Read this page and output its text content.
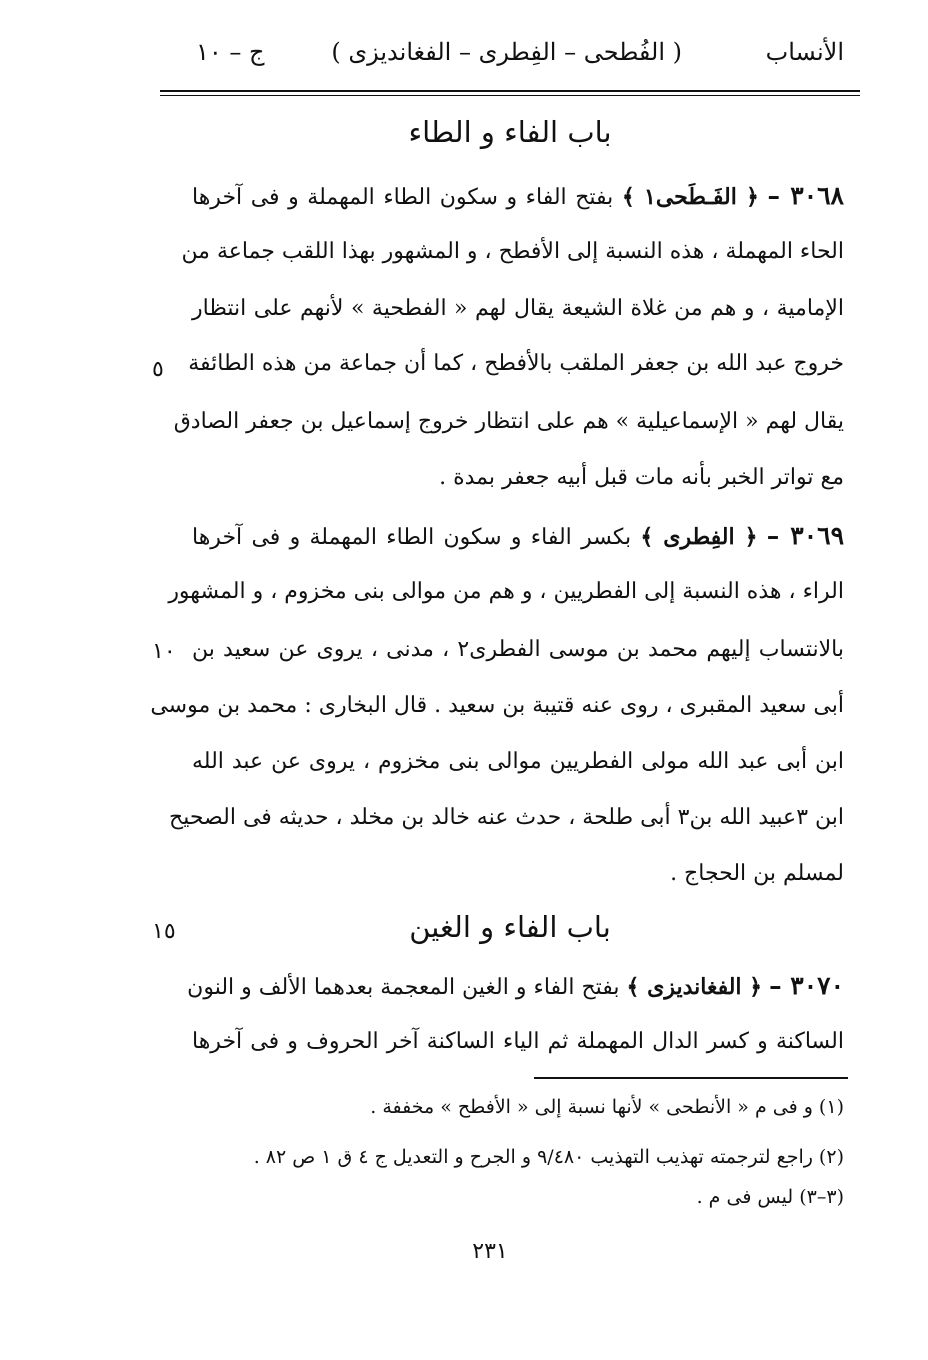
الأنساب
( الفُطحى – الفِطرى – الفغانديزى )
ج – ١٠
باب الفاء و الطاء
٣٠٦٨ – ﴿ الفَـطَحى١ ﴾ بفتح الفاء و سكون الطاء المهملة و فى آخرها
الحاء المهملة ، هذه النسبة إلى الأفطح ، و المشهور بهذا اللقب جماعة من
الإمامية ، و هم من غلاة الشيعة يقال لهم « الفطحية » لأنهم على انتظار
خروج عبد الله بن جعفر الملقب بالأفطح ، كما أن جماعة من هذه الطائفة
يقال لهم « الإسماعيلية » هم على انتظار خروج إسماعيل بن جعفر الصادق
مع تواتر الخبر بأنه مات قبل أبيه جعفر بمدة .
٣٠٦٩ – ﴿ الفِطرى ﴾ بكسر الفاء و سكون الطاء المهملة و فى آخرها
الراء ، هذه النسبة إلى الفطريين ، و هم من موالى بنى مخزوم ، و المشهور
بالانتساب إليهم محمد بن موسى الفطرى٢ ، مدنى ، يروى عن سعيد بن
أبى سعيد المقبرى ، روى عنه قتيبة بن سعيد . قال البخارى : محمد بن موسى
ابن أبى عبد الله مولى الفطريين موالى بنى مخزوم ، يروى عن عبد الله
ابن ٣عبيد الله بن٣ أبى طلحة ، حدث عنه خالد بن مخلد ، حديثه فى الصحيح
لمسلم بن الحجاج .
باب الفاء و الغين
٣٠٧٠ – ﴿ الفغانديزى ﴾ بفتح الفاء و الغين المعجمة بعدهما الألف و النون
الساكنة و كسر الدال المهملة ثم الياء الساكنة آخر الحروف و فى آخرها
٥
١٠
١٥
(١) و فى م « الأنطحى » لأنها نسبة إلى « الأفطح » مخففة .
(٢) راجع لترجمته تهذيب التهذيب ٩/٤٨٠ و الجرح و التعديل ج ٤ ق ١ ص ٨٢ .
(٣–٣) ليس فى م .
٢٣١
